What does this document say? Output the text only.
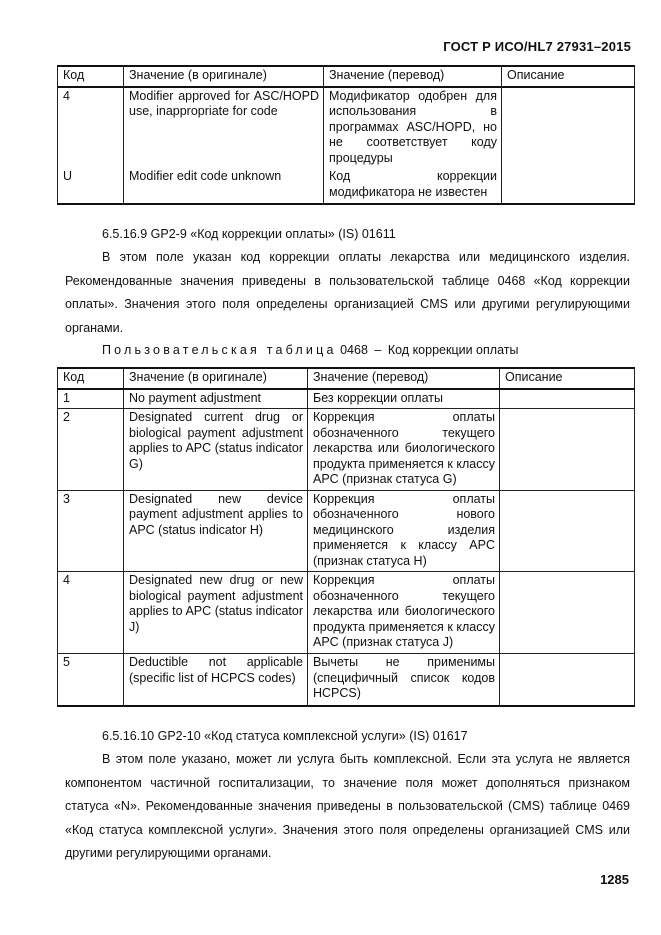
ГОСТ Р ИСО/HL7 27931–2015
Код	Значение (в оригинале)	Значение (перевод)	Описание
4	Modifier approved for ASC/HOPD use, inappropriate for code	Модификатор одобрен для использования в программах ASC/HOPD, но не соответствует коду процедуры	
U	Modifier edit code unknown	Код коррекции модификатора не известен	
6.5.16.9 GP2-9 «Код коррекции оплаты» (IS) 01611

В этом поле указан код коррекции оплаты лекарства или медицинского изделия. Рекомендованные значения приведены в пользовательской таблице 0468 «Код коррекции оплаты». Значения этого поля определены организацией CMS или другими регулирующими органами.

Пользовательская таблица 0468 – Код коррекции оплаты
Код	Значение (в оригинале)	Значение (перевод)	Описание
1	No payment adjustment	Без коррекции оплаты	
2	Designated current drug or biological payment adjustment applies to APC (status indicator G)	Коррекция оплаты обозначенного текущего лекарства или биологического продукта применяется к классу APC (признак статуса G)	
3	Designated new device payment adjustment applies to APC (status indicator H)	Коррекция оплаты обозначенного нового медицинского изделия применяется к классу APC (признак статуса H)	
4	Designated new drug or new biological payment adjustment applies to APC (status indicator J)	Коррекция оплаты обозначенного текущего лекарства или биологического продукта применяется к классу APC (признак статуса J)	
5	Deductible not applicable (specific list of HCPCS codes)	Вычеты не применимы (специфичный список кодов HCPCS)	
6.5.16.10 GP2-10 «Код статуса комплексной услуги» (IS) 01617

В этом поле указано, может ли услуга быть комплексной. Если эта услуга не является компонентом частичной госпитализации, то значение поля может дополняться признаком статуса «N». Рекомендованные значения приведены в пользовательской (CMS) таблице 0469 «Код статуса комплексной услуги». Значения этого поля определены организацией CMS или другими регулирующими органами.

1285
